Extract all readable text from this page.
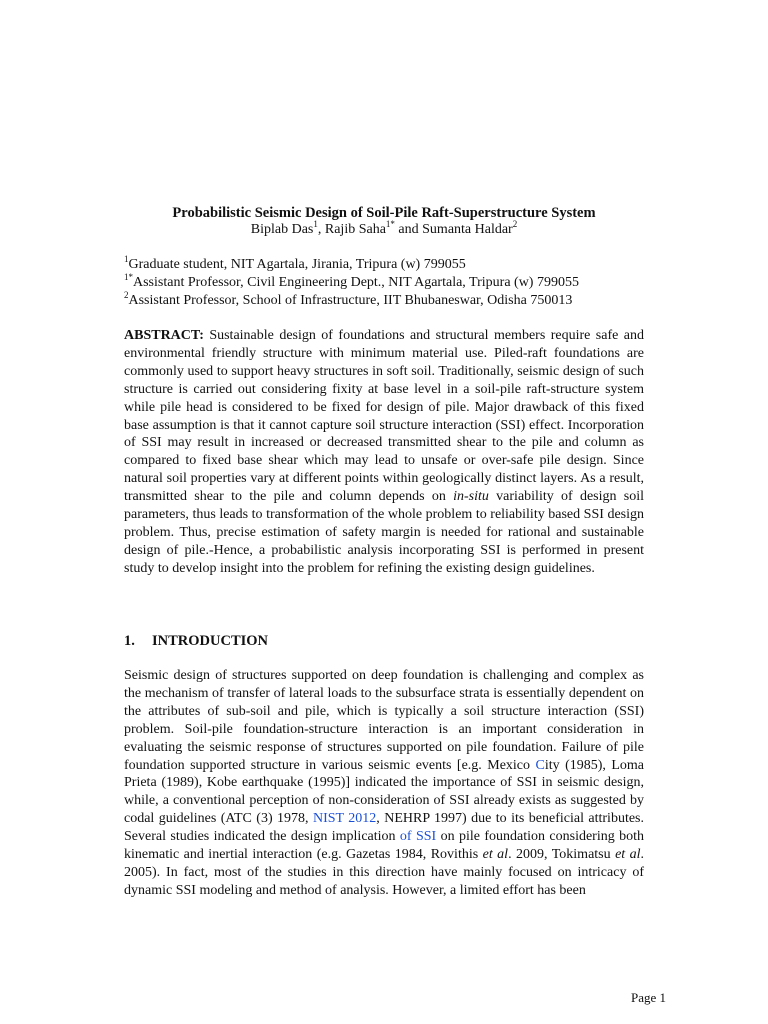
Probabilistic Seismic Design of Soil-Pile Raft-Superstructure System
Biplab Das$^1$, Rajib Saha$^{1*}$ and Sumanta Haldar$^2$
$^1$Graduate student, NIT Agartala, Jirania, Tripura (w) 799055
$^{1*}$Assistant Professor, Civil Engineering Dept., NIT Agartala, Tripura (w) 799055
$^2$Assistant Professor, School of Infrastructure, IIT Bhubaneswar, Odisha 750013
ABSTRACT: Sustainable design of foundations and structural members require safe and environmental friendly structure with minimum material use. Piled-raft foundations are commonly used to support heavy structures in soft soil. Traditionally, seismic design of such structure is carried out considering fixity at base level in a soil-pile raft-structure system while pile head is considered to be fixed for design of pile. Major drawback of this fixed base assumption is that it cannot capture soil structure interaction (SSI) effect. Incorporation of SSI may result in increased or decreased transmitted shear to the pile and column as compared to fixed base shear which may lead to unsafe or over-safe pile design. Since natural soil properties vary at different points within geologically distinct layers. As a result, transmitted shear to the pile and column depends on in-situ variability of design soil parameters, thus leads to transformation of the whole problem to reliability based SSI design problem. Thus, precise estimation of safety margin is needed for rational and sustainable design of pile.-Hence, a probabilistic analysis incorporating SSI is performed in present study to develop insight into the problem for refining the existing design guidelines.
1. INTRODUCTION
Seismic design of structures supported on deep foundation is challenging and complex as the mechanism of transfer of lateral loads to the subsurface strata is essentially dependent on the attributes of sub-soil and pile, which is typically a soil structure interaction (SSI) problem. Soil-pile foundation-structure interaction is an important consideration in evaluating the seismic response of structures supported on pile foundation. Failure of pile foundation supported structure in various seismic events [e.g. Mexico City (1985), Loma Prieta (1989), Kobe earthquake (1995)] indicated the importance of SSI in seismic design, while, a conventional perception of non-consideration of SSI already exists as suggested by codal guidelines (ATC (3) 1978, NIST 2012, NEHRP 1997) due to its beneficial attributes. Several studies indicated the design implication of SSI on pile foundation considering both kinematic and inertial interaction (e.g. Gazetas 1984, Rovithis et al. 2009, Tokimatsu et al. 2005). In fact, most of the studies in this direction have mainly focused on intricacy of dynamic SSI modeling and method of analysis. However, a limited effort has been
Page 1
